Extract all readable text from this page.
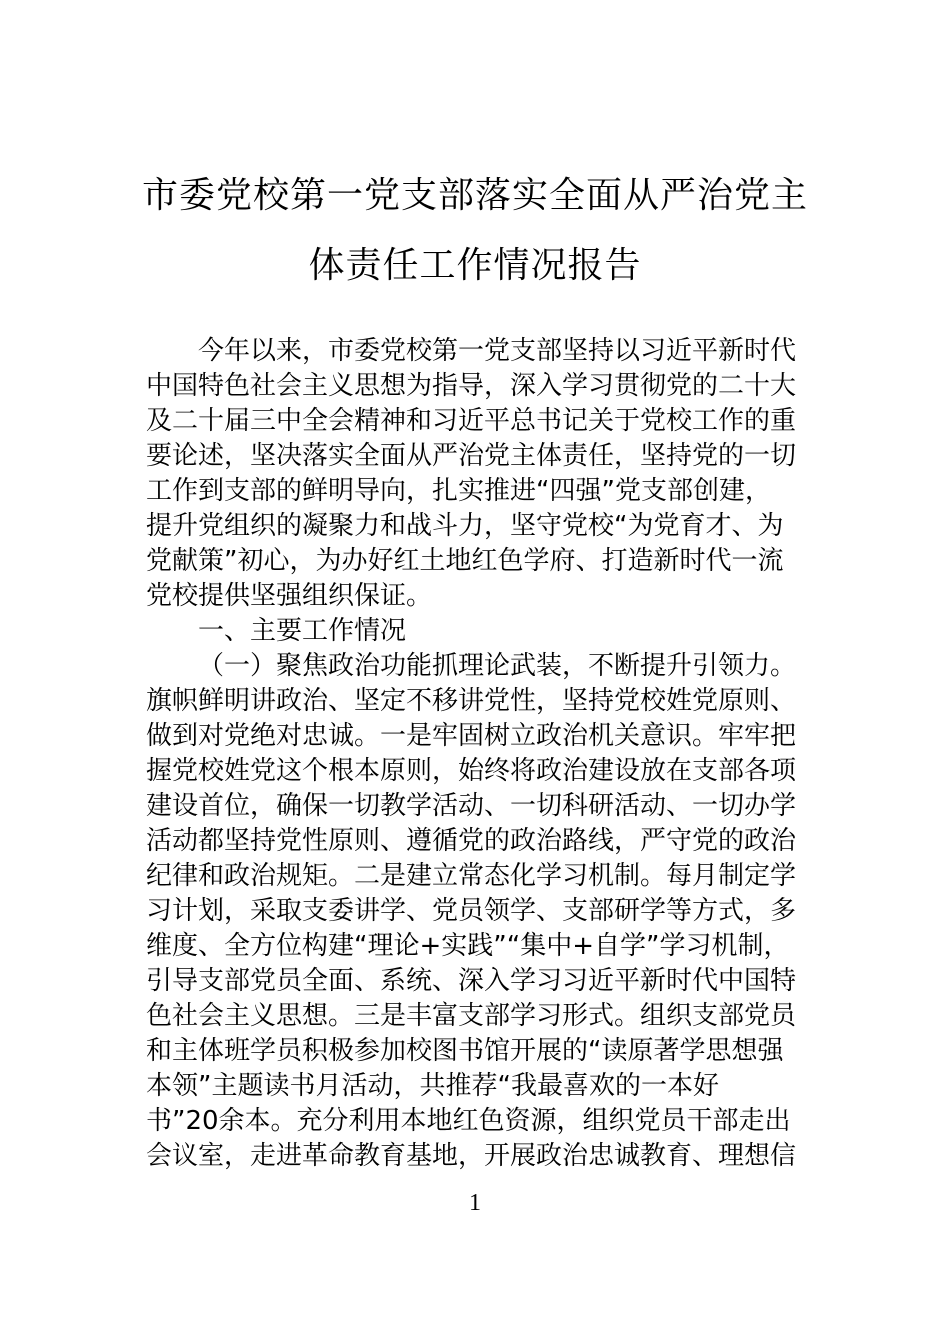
市委党校第一党支部落实全面从严治党主
体责任工作情况报告
今年以来，市委党校第一党支部坚持以习近平新时代
中国特色社会主义思想为指导，深入学习贯彻党的二十大
及二十届三中全会精神和习近平总书记关于党校工作的重
要论述，坚决落实全面从严治党主体责任，坚持党的一切
工作到支部的鲜明导向，扎实推进“四强”党支部创建，
提升党组织的凝聚力和战斗力，坚守党校“为党育才、为
党献策”初心，为办好红土地红色学府、打造新时代一流
党校提供坚强组织保证。
一、主要工作情况
（一）聚焦政治功能抓理论武装，不断提升引领力。
旗帜鲜明讲政治、坚定不移讲党性，坚持党校姓党原则、
做到对党绝对忠诚。一是牢固树立政治机关意识。牢牢把
握党校姓党这个根本原则，始终将政治建设放在支部各项
建设首位，确保一切教学活动、一切科研活动、一切办学
活动都坚持党性原则、遵循党的政治路线，严守党的政治
纪律和政治规矩。二是建立常态化学习机制。每月制定学
习计划，采取支委讲学、党员领学、支部研学等方式，多
维度、全方位构建“理论+实践”“集中+自学”学习机制，
引导支部党员全面、系统、深入学习习近平新时代中国特
色社会主义思想。三是丰富支部学习形式。组织支部党员
和主体班学员积极参加校图书馆开展的“读原著学思想强
本领”主题读书月活动，共推荐“我最喜欢的一本好
书”20余本。充分利用本地红色资源，组织党员干部走出
会议室，走进革命教育基地，开展政治忠诚教育、理想信
1
